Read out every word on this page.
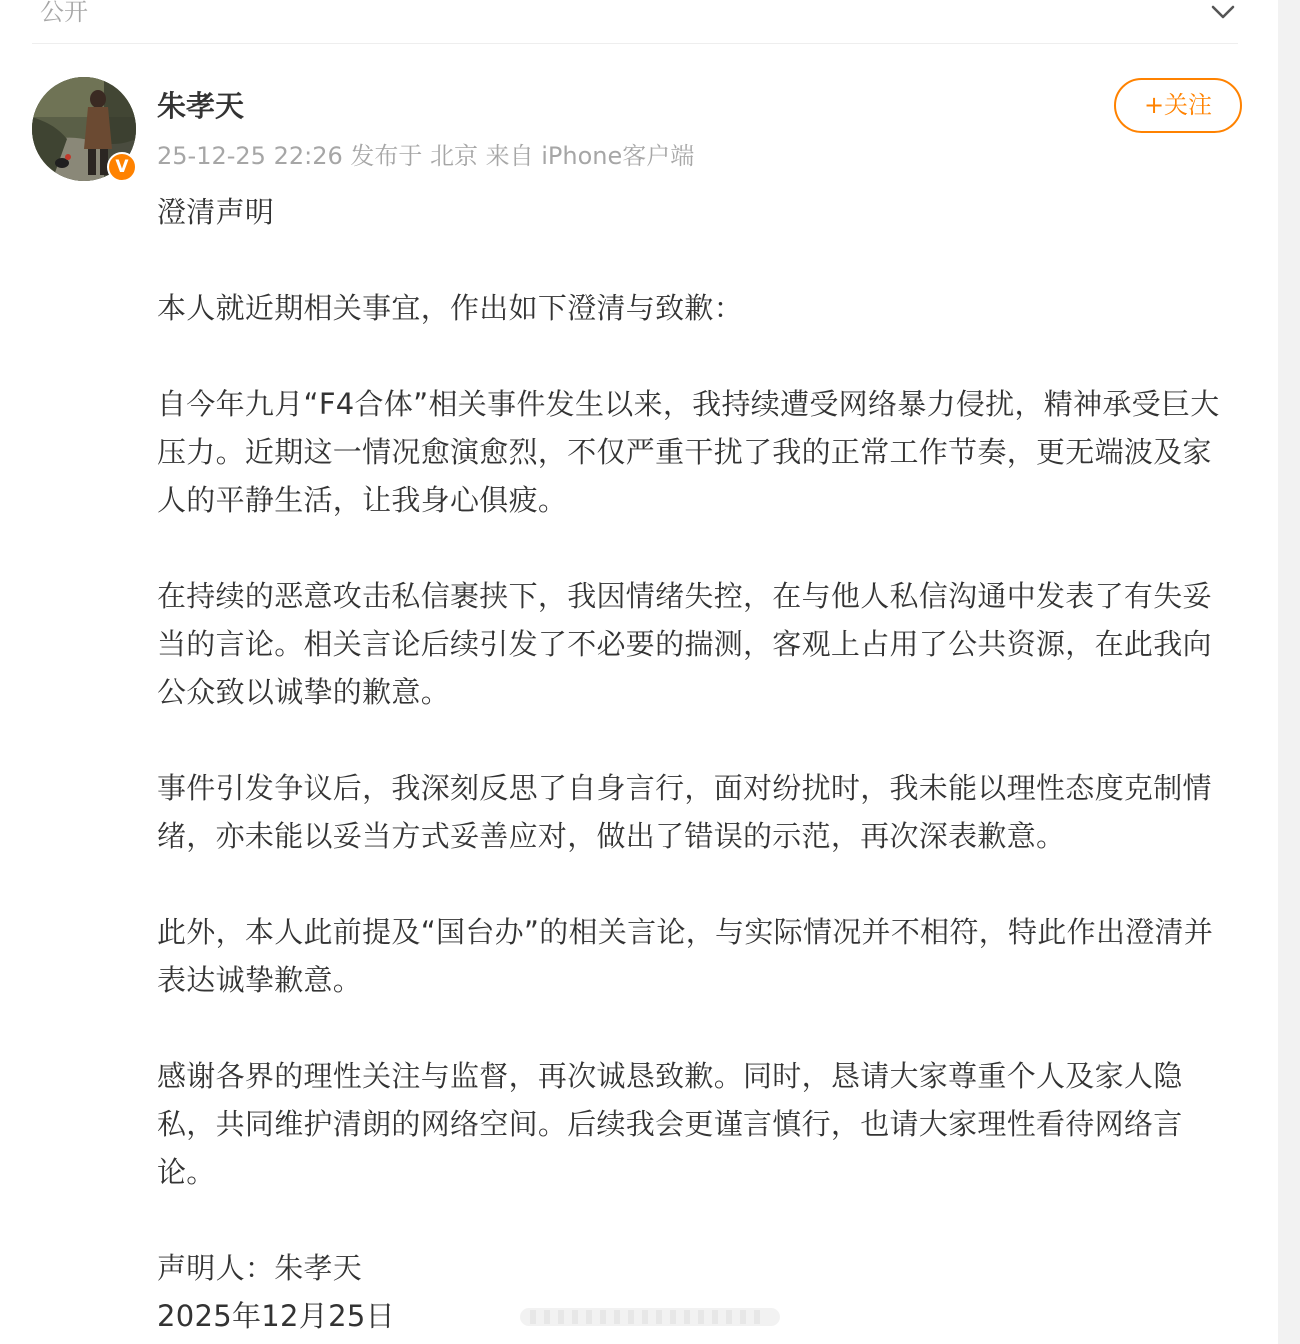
公开
V
朱孝天
25-12-25 22:26 发布于 北京 来自 iPhone客户端
+关注

澄清声明

本人就近期相关事宜，作出如下澄清与致歉：

自今年九月“F4合体”相关事件发生以来，我持续遭受网络暴力侵扰，精神承受巨大

压力。近期这一情况愈演愈烈，不仅严重干扰了我的正常工作节奏，更无端波及家

人的平静生活，让我身心俱疲。

在持续的恶意攻击私信裹挟下，我因情绪失控，在与他人私信沟通中发表了有失妥

当的言论。相关言论后续引发了不必要的揣测，客观上占用了公共资源，在此我向

公众致以诚挚的歉意。

事件引发争议后，我深刻反思了自身言行，面对纷扰时，我未能以理性态度克制情

绪，亦未能以妥当方式妥善应对，做出了错误的示范，再次深表歉意。

此外，本人此前提及“国台办”的相关言论，与实际情况并不相符，特此作出澄清并

表达诚挚歉意。

感谢各界的理性关注与监督，再次诚恳致歉。同时，恳请大家尊重个人及家人隐

私，共同维护清朗的网络空间。后续我会更谨言慎行，也请大家理性看待网络言

论。

声明人：朱孝天

2025年12月25日
